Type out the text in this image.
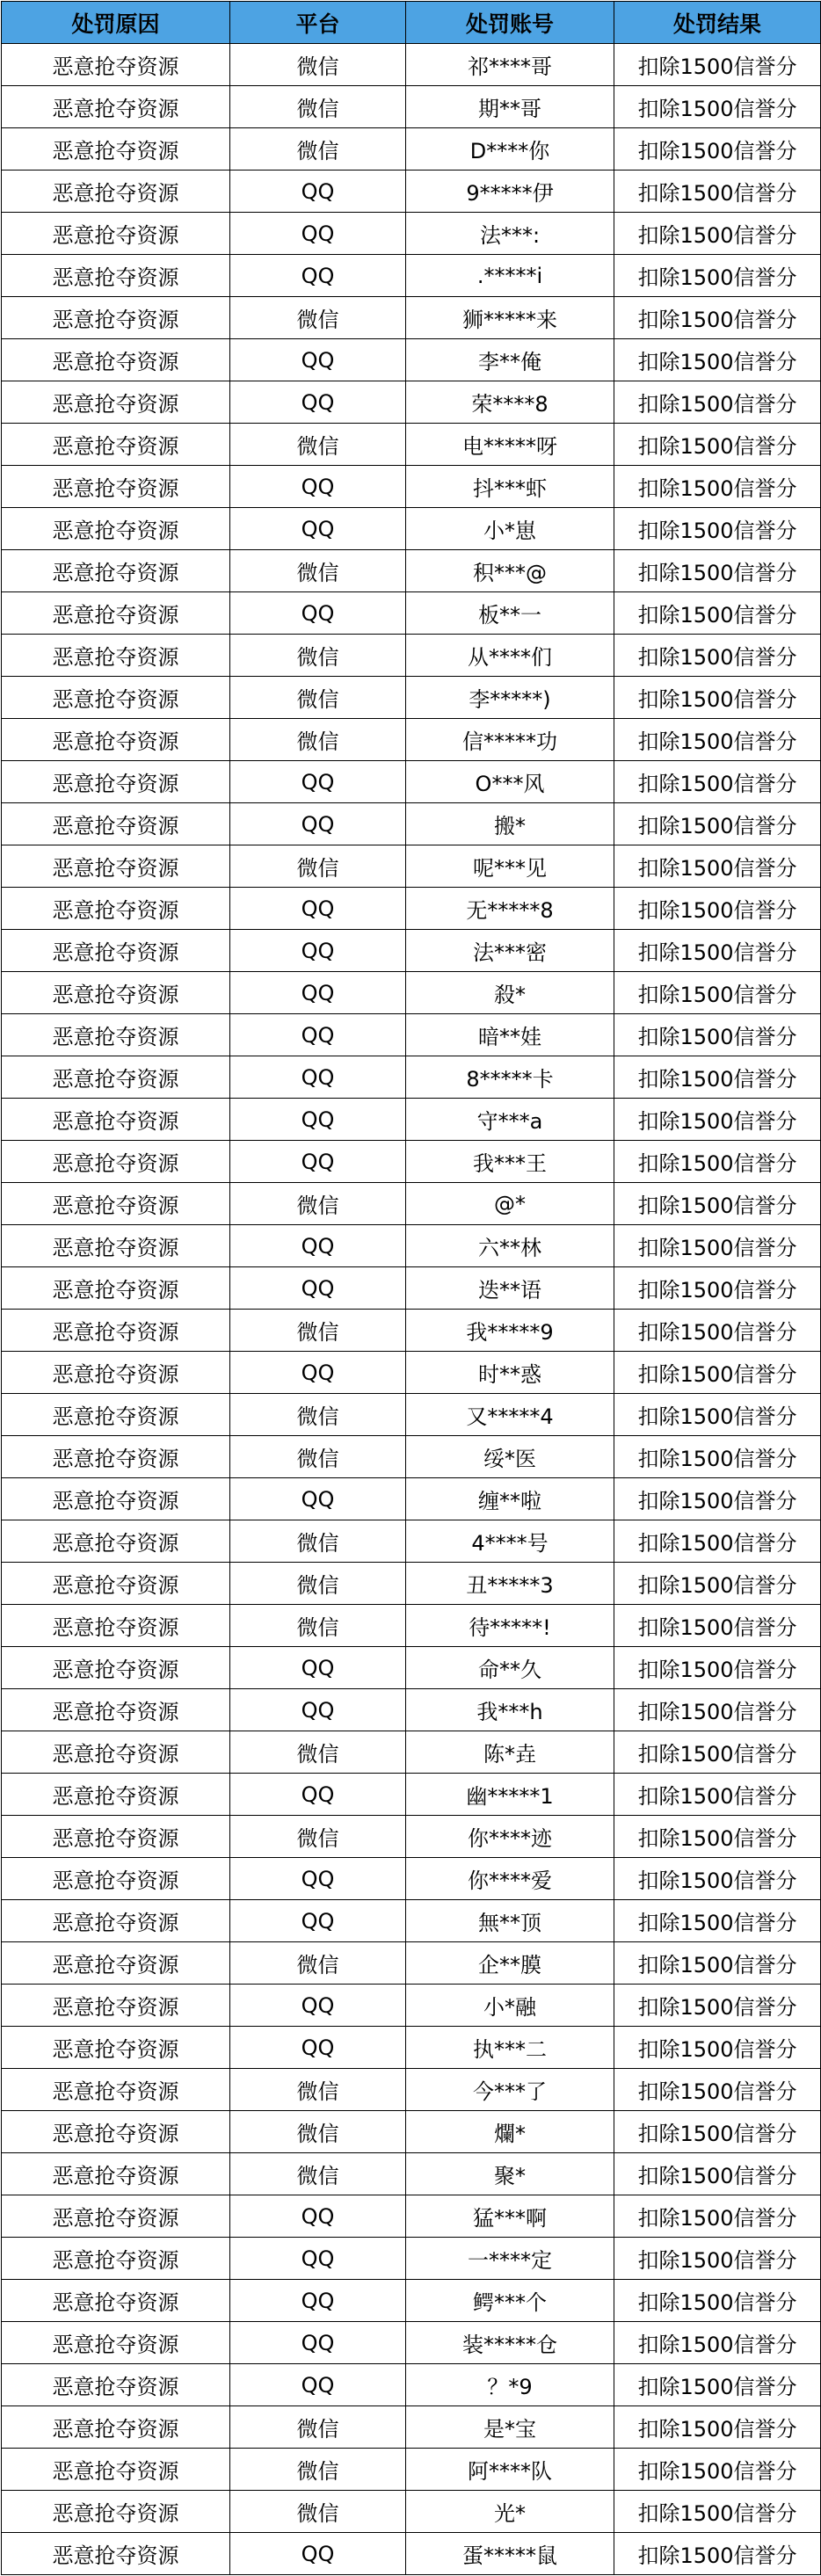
处罚原因	平台	处罚账号	处罚结果
恶意抢夺资源	微信	祁****哥	扣除1500信誉分
恶意抢夺资源	微信	期**哥	扣除1500信誉分
恶意抢夺资源	微信	D****你	扣除1500信誉分
恶意抢夺资源	QQ	9*****伊	扣除1500信誉分
恶意抢夺资源	QQ	法***:	扣除1500信誉分
恶意抢夺资源	QQ	.*****i	扣除1500信誉分
恶意抢夺资源	微信	狮*****来	扣除1500信誉分
恶意抢夺资源	QQ	李**俺	扣除1500信誉分
恶意抢夺资源	QQ	荣****8	扣除1500信誉分
恶意抢夺资源	微信	电*****呀	扣除1500信誉分
恶意抢夺资源	QQ	抖***虾	扣除1500信誉分
恶意抢夺资源	QQ	小*崽	扣除1500信誉分
恶意抢夺资源	微信	积***@	扣除1500信誉分
恶意抢夺资源	QQ	板**一	扣除1500信誉分
恶意抢夺资源	微信	从****们	扣除1500信誉分
恶意抢夺资源	微信	李*****)	扣除1500信誉分
恶意抢夺资源	微信	信*****功	扣除1500信誉分
恶意抢夺资源	QQ	O***风	扣除1500信誉分
恶意抢夺资源	QQ	搬*	扣除1500信誉分
恶意抢夺资源	微信	呢***见	扣除1500信誉分
恶意抢夺资源	QQ	无*****8	扣除1500信誉分
恶意抢夺资源	QQ	法***密	扣除1500信誉分
恶意抢夺资源	QQ	殺*	扣除1500信誉分
恶意抢夺资源	QQ	暗**娃	扣除1500信誉分
恶意抢夺资源	QQ	8*****卡	扣除1500信誉分
恶意抢夺资源	QQ	守***a	扣除1500信誉分
恶意抢夺资源	QQ	我***王	扣除1500信誉分
恶意抢夺资源	微信	@*	扣除1500信誉分
恶意抢夺资源	QQ	六**林	扣除1500信誉分
恶意抢夺资源	QQ	迭**语	扣除1500信誉分
恶意抢夺资源	微信	我*****9	扣除1500信誉分
恶意抢夺资源	QQ	时**惑	扣除1500信誉分
恶意抢夺资源	微信	又*****4	扣除1500信誉分
恶意抢夺资源	微信	绥*医	扣除1500信誉分
恶意抢夺资源	QQ	缠**啦	扣除1500信誉分
恶意抢夺资源	微信	4****号	扣除1500信誉分
恶意抢夺资源	微信	丑*****3	扣除1500信誉分
恶意抢夺资源	微信	待*****!	扣除1500信誉分
恶意抢夺资源	QQ	命**久	扣除1500信誉分
恶意抢夺资源	QQ	我***h	扣除1500信誉分
恶意抢夺资源	微信	陈*垚	扣除1500信誉分
恶意抢夺资源	QQ	幽*****1	扣除1500信誉分
恶意抢夺资源	微信	你****迹	扣除1500信誉分
恶意抢夺资源	QQ	你****爱	扣除1500信誉分
恶意抢夺资源	QQ	無**顶	扣除1500信誉分
恶意抢夺资源	微信	企**膜	扣除1500信誉分
恶意抢夺资源	QQ	小*融	扣除1500信誉分
恶意抢夺资源	QQ	执***二	扣除1500信誉分
恶意抢夺资源	微信	今***了	扣除1500信誉分
恶意抢夺资源	微信	爛*	扣除1500信誉分
恶意抢夺资源	微信	聚*	扣除1500信誉分
恶意抢夺资源	QQ	猛***啊	扣除1500信誉分
恶意抢夺资源	QQ	一****定	扣除1500信誉分
恶意抢夺资源	QQ	鳄***个	扣除1500信誉分
恶意抢夺资源	QQ	装*****仓	扣除1500信誉分
恶意抢夺资源	QQ	？*9	扣除1500信誉分
恶意抢夺资源	微信	是*宝	扣除1500信誉分
恶意抢夺资源	微信	阿****队	扣除1500信誉分
恶意抢夺资源	微信	光*	扣除1500信誉分
恶意抢夺资源	QQ	蛋*****鼠	扣除1500信誉分
